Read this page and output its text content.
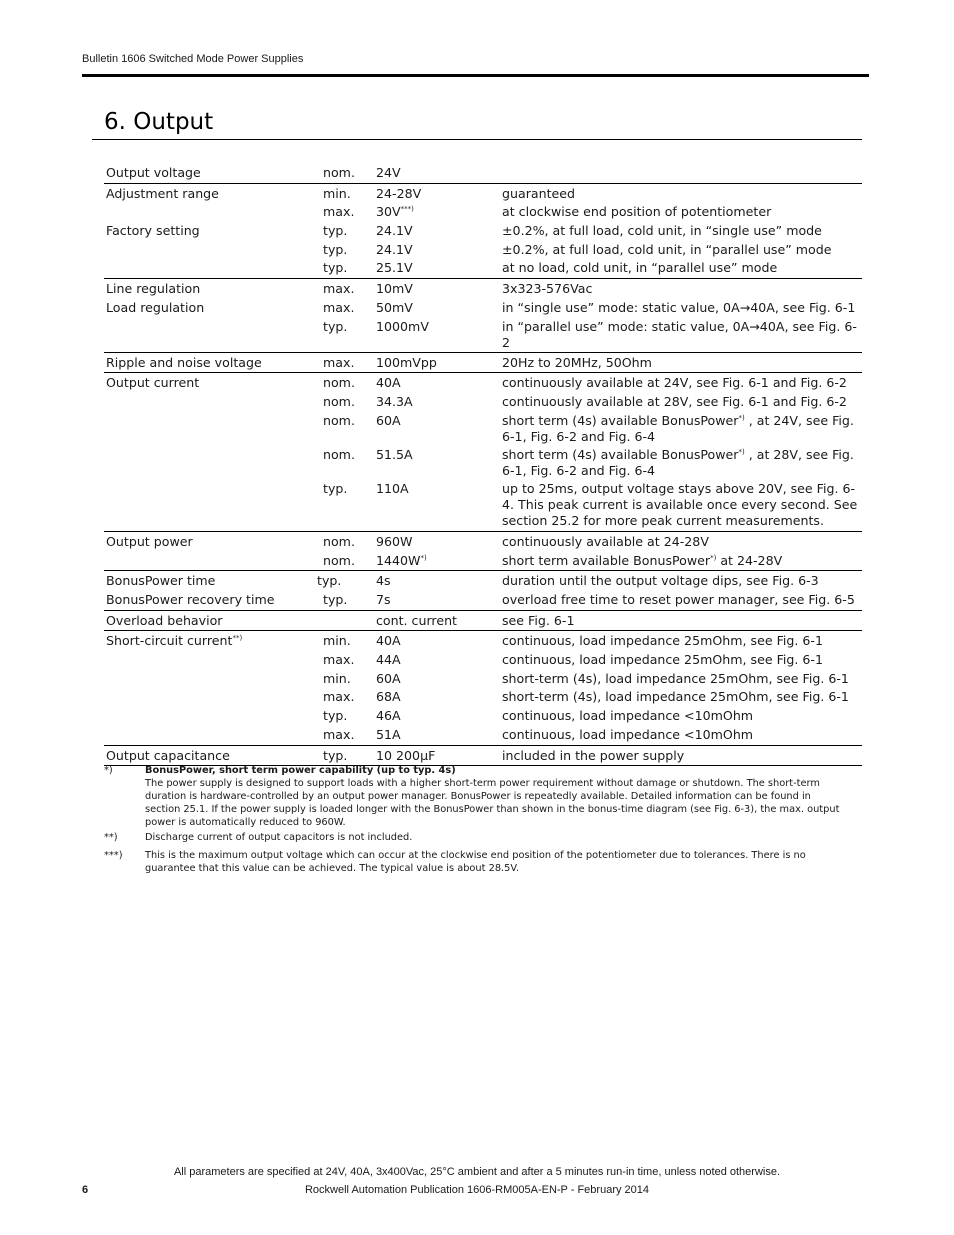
Bulletin 1606 Switched Mode Power Supplies
6. Output
Output voltage	nom. 24V
Adjustment range	min. 24-28V	guaranteed
max. 30V***)	at clockwise end position of potentiometer
Factory setting	typ. 24.1V	±0.2%, at full load, cold unit, in “single use” mode
typ. 24.1V	±0.2%, at full load, cold unit, in “parallel use” mode
typ. 25.1V	at no load, cold unit, in “parallel use” mode
Line regulation	max. 10mV	3x323-576Vac
Load regulation	max. 50mV	in “single use” mode: static value, 0A→40A, see Fig. 6-1
typ. 1000mV	in “parallel use” mode: static value, 0A→40A, see Fig. 6-2
Ripple and noise voltage	max. 100mVpp	20Hz to 20MHz, 50Ohm
Output current	nom. 40A	continuously available at 24V, see Fig. 6-1 and Fig. 6-2
nom. 34.3A	continuously available at 28V, see Fig. 6-1 and Fig. 6-2
nom. 60A	short term (4s) available BonusPower*) , at 24V, see Fig. 6-1, Fig. 6-2 and Fig. 6-4
nom. 51.5A	short term (4s) available BonusPower*) , at 28V, see Fig. 6-1, Fig. 6-2 and Fig. 6-4
typ. 110A	up to 25ms, output voltage stays above 20V, see Fig. 6-4. This peak current is available once every second. See section 25.2 for more peak current measurements.
Output power	nom. 960W	continuously available at 24-28V
nom. 1440W*)	short term available BonusPower*) at 24-28V
BonusPower time	typ.	4s	duration until the output voltage dips, see Fig. 6-3
BonusPower recovery time	typ. 7s	overload free time to reset power manager, see Fig. 6-5
Overload behavior	cont. current	see Fig. 6-1
Short-circuit current**)	min. 40A	continuous, load impedance 25mOhm, see Fig. 6-1
max. 44A	continuous, load impedance 25mOhm, see Fig. 6-1
min. 60A	short-term (4s), load impedance 25mOhm, see Fig. 6-1
max. 68A	short-term (4s), load impedance 25mOhm, see Fig. 6-1
typ. 46A	continuous, load impedance <10mOhm
max. 51A	continuous, load impedance <10mOhm
Output capacitance	typ. 10 200µF	included in the power supply
*)	BonusPower, short term power capability (up to typ. 4s)
The power supply is designed to support loads with a higher short-term power requirement without damage or shutdown. The short-term duration is hardware-controlled by an output power manager. BonusPower is repeatedly available. Detailed information can be found in section 25.1. If the power supply is loaded longer with the BonusPower than shown in the bonus-time diagram (see Fig. 6-3), the max. output power is automatically reduced to 960W.
**)	Discharge current of output capacitors is not included.
***) This is the maximum output voltage which can occur at the clockwise end position of the potentiometer due to tolerances. There is no guarantee that this value can be achieved. The typical value is about 28.5V.
All parameters are specified at 24V, 40A, 3x400Vac, 25°C ambient and after a 5 minutes run-in time, unless noted otherwise.
6	Rockwell Automation Publication 1606-RM005A-EN-P - February 2014
